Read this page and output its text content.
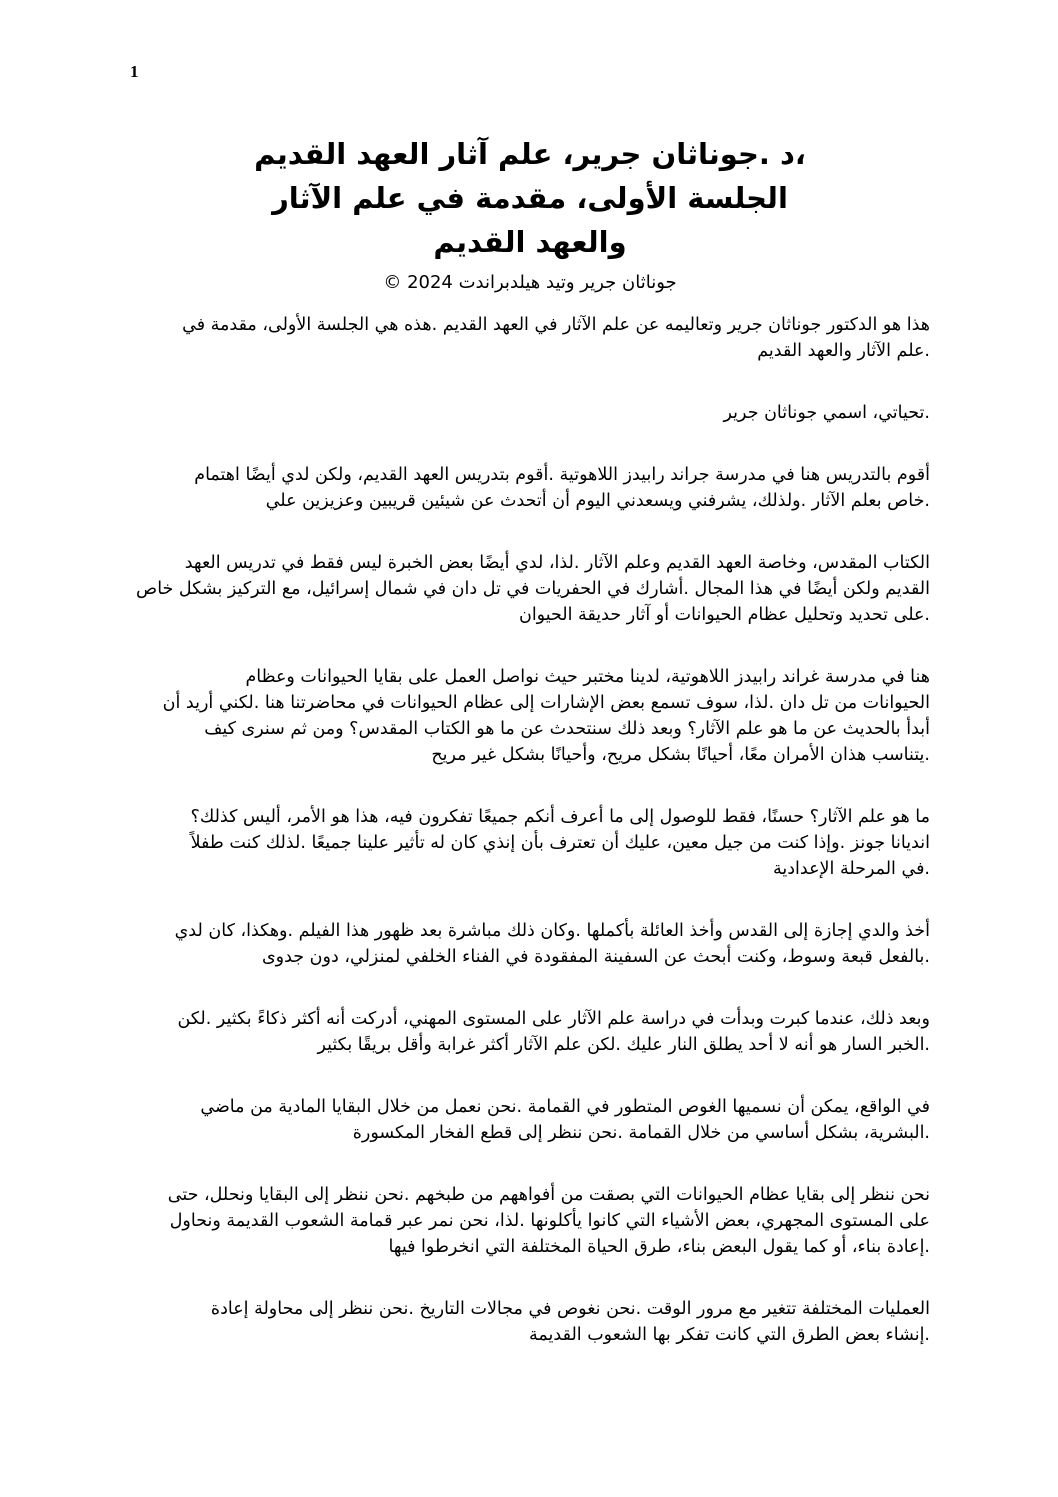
1
،د .جوناثان جرير، علم آثار العهد القديم
الجلسة الأولى، مقدمة في علم الآثار
والعهد القديم
جوناثان جرير وتيد هيلدبراندت 2024 ©

هذا هو الدكتور جوناثان جرير وتعاليمه عن علم الآثار في العهد القديم .هذه هي الجلسة الأولى، مقدمة في
.علم الآثار والعهد القديم

.تحياتي، اسمي جوناثان جرير

أقوم بالتدريس هنا في مدرسة جراند رابيدز اللاهوتية .أقوم بتدريس العهد القديم، ولكن لدي أيضًا اهتمام
.خاص بعلم الآثار .ولذلك، يشرفني ويسعدني اليوم أن أتحدث عن شيئين قريبين وعزيزين علي

الكتاب المقدس، وخاصة العهد القديم وعلم الآثار .لذا، لدي أيضًا بعض الخبرة ليس فقط في تدريس العهد
القديم ولكن أيضًا في هذا المجال .أشارك في الحفريات في تل دان في شمال إسرائيل، مع التركيز بشكل خاص
.على تحديد وتحليل عظام الحيوانات أو آثار حديقة الحيوان

هنا في مدرسة غراند رابيدز اللاهوتية، لدينا مختبر حيث نواصل العمل على بقايا الحيوانات وعظام
الحيوانات من تل دان .لذا، سوف تسمع بعض الإشارات إلى عظام الحيوانات في محاضرتنا هنا .لكني أريد أن
أبدأ بالحديث عن ما هو علم الآثار؟ وبعد ذلك سنتحدث عن ما هو الكتاب المقدس؟ ومن ثم سنرى كيف
.يتناسب هذان الأمران معًا، أحيانًا بشكل مريح، وأحيانًا بشكل غير مريح

ما هو علم الآثار؟ حسنًا، فقط للوصول إلى ما أعرف أنكم جميعًا تفكرون فيه، هذا هو الأمر، أليس كذلك؟
انديانا جونز .وإذا كنت من جيل معين، عليك أن تعترف بأن إنذي كان له تأثير علينا جميعًا .لذلك كنت طفلاً
.في المرحلة الإعدادية

أخذ والدي إجازة إلى القدس وأخذ العائلة بأكملها .وكان ذلك مباشرة بعد ظهور هذا الفيلم .وهكذا، كان لدي
.بالفعل قبعة وسوط، وكنت أبحث عن السفينة المفقودة في الفناء الخلفي لمنزلي، دون جدوى

وبعد ذلك، عندما كبرت وبدأت في دراسة علم الآثار على المستوى المهني، أدركت أنه أكثر ذكاءً بكثير .لكن
.الخبر السار هو أنه لا أحد يطلق النار عليك .لكن علم الآثار أكثر غرابة وأقل بريقًا بكثير

في الواقع، يمكن أن نسميها الغوص المتطور في القمامة .نحن نعمل من خلال البقايا المادية من ماضي
.البشرية، بشكل أساسي من خلال القمامة .نحن ننظر إلى قطع الفخار المكسورة

نحن ننظر إلى بقايا عظام الحيوانات التي بصقت من أفواههم من طبخهم .نحن ننظر إلى البقايا ونحلل، حتى
على المستوى المجهري، بعض الأشياء التي كانوا يأكلونها .لذا، نحن نمر عبر قمامة الشعوب القديمة ونحاول
.إعادة بناء، أو كما يقول البعض بناء، طرق الحياة المختلفة التي انخرطوا فيها

العمليات المختلفة تتغير مع مرور الوقت .نحن نغوص في مجالات التاريخ .نحن ننظر إلى محاولة إعادة
.إنشاء بعض الطرق التي كانت تفكر بها الشعوب القديمة
